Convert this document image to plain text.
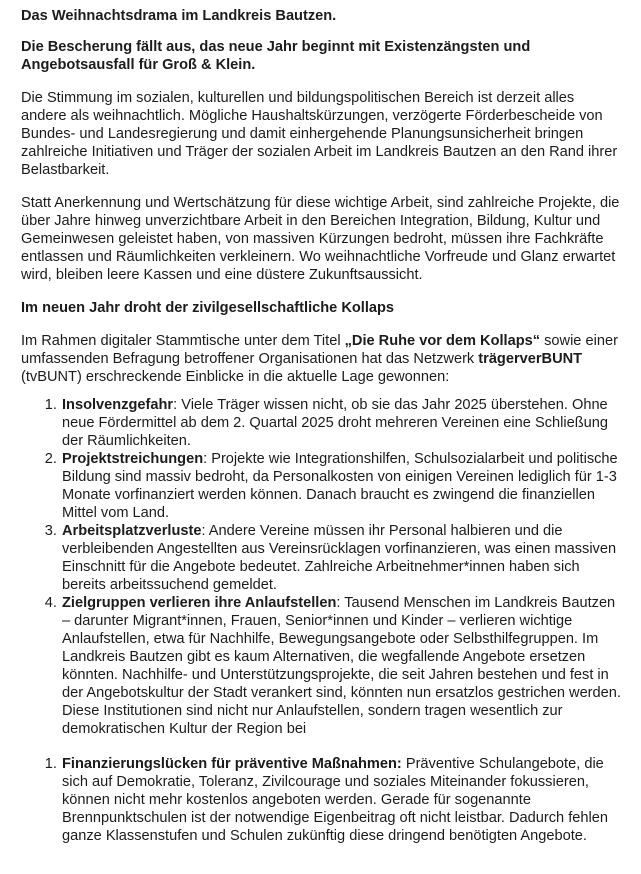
Das Weihnachtsdrama im Landkreis Bautzen.

Die Bescherung fällt aus, das neue Jahr beginnt mit Existenzängsten und Angebotsausfall für Groß & Klein.

Die Stimmung im sozialen, kulturellen und bildungspolitischen Bereich ist derzeit alles andere als weihnachtlich. Mögliche Haushaltskürzungen, verzögerte Förderbescheide von Bundes- und Landesregierung und damit einhergehende Planungsunsicherheit bringen zahlreiche Initiativen und Träger der sozialen Arbeit im Landkreis Bautzen an den Rand ihrer Belastbarkeit.

Statt Anerkennung und Wertschätzung für diese wichtige Arbeit, sind zahlreiche Projekte, die über Jahre hinweg unverzichtbare Arbeit in den Bereichen Integration, Bildung, Kultur und Gemeinwesen geleistet haben, von massiven Kürzungen bedroht, müssen ihre Fachkräfte entlassen und Räumlichkeiten verkleinern. Wo weihnachtliche Vorfreude und Glanz erwartet wird, bleiben leere Kassen und eine düstere Zukunftsaussicht.

Im neuen Jahr droht der zivilgesellschaftliche Kollaps

Im Rahmen digitaler Stammtische unter dem Titel „Die Ruhe vor dem Kollaps“ sowie einer umfassenden Befragung betroffener Organisationen hat das Netzwerk trägerverBUNT (tvBUNT) erschreckende Einblicke in die aktuelle Lage gewonnen:

1. Insolvenzgefahr: Viele Träger wissen nicht, ob sie das Jahr 2025 überstehen. Ohne neue Fördermittel ab dem 2. Quartal 2025 droht mehreren Vereinen eine Schließung der Räumlichkeiten.
2. Projektstreichungen: Projekte wie Integrationshilfen, Schulsozialarbeit und politische Bildung sind massiv bedroht, da Personalkosten von einigen Vereinen lediglich für 1-3 Monate vorfinanziert werden können. Danach braucht es zwingend die finanziellen Mittel vom Land.
3. Arbeitsplatzverluste: Andere Vereine müssen ihr Personal halbieren und die verbleibenden Angestellten aus Vereinsrücklagen vorfinanzieren, was einen massiven Einschnitt für die Angebote bedeutet. Zahlreiche Arbeitnehmer*innen haben sich bereits arbeitssuchend gemeldet.
4. Zielgruppen verlieren ihre Anlaufstellen: Tausend Menschen im Landkreis Bautzen – darunter Migrant*innen, Frauen, Senior*innen und Kinder – verlieren wichtige Anlaufstellen, etwa für Nachhilfe, Bewegungsangebote oder Selbsthilfegruppen. Im Landkreis Bautzen gibt es kaum Alternativen, die wegfallende Angebote ersetzen könnten. Nachhilfe- und Unterstützungsprojekte, die seit Jahren bestehen und fest in der Angebotskultur der Stadt verankert sind, könnten nun ersatzlos gestrichen werden. Diese Institutionen sind nicht nur Anlaufstellen, sondern tragen wesentlich zur demokratischen Kultur der Region bei
1. Finanzierungslücken für präventive Maßnahmen: Präventive Schulangebote, die sich auf Demokratie, Toleranz, Zivilcourage und soziales Miteinander fokussieren, können nicht mehr kostenlos angeboten werden. Gerade für sogenannte Brennpunktschulen ist der notwendige Eigenbeitrag oft nicht leistbar. Dadurch fehlen ganze Klassenstufen und Schulen zukünftig diese dringend benötigten Angebote.
